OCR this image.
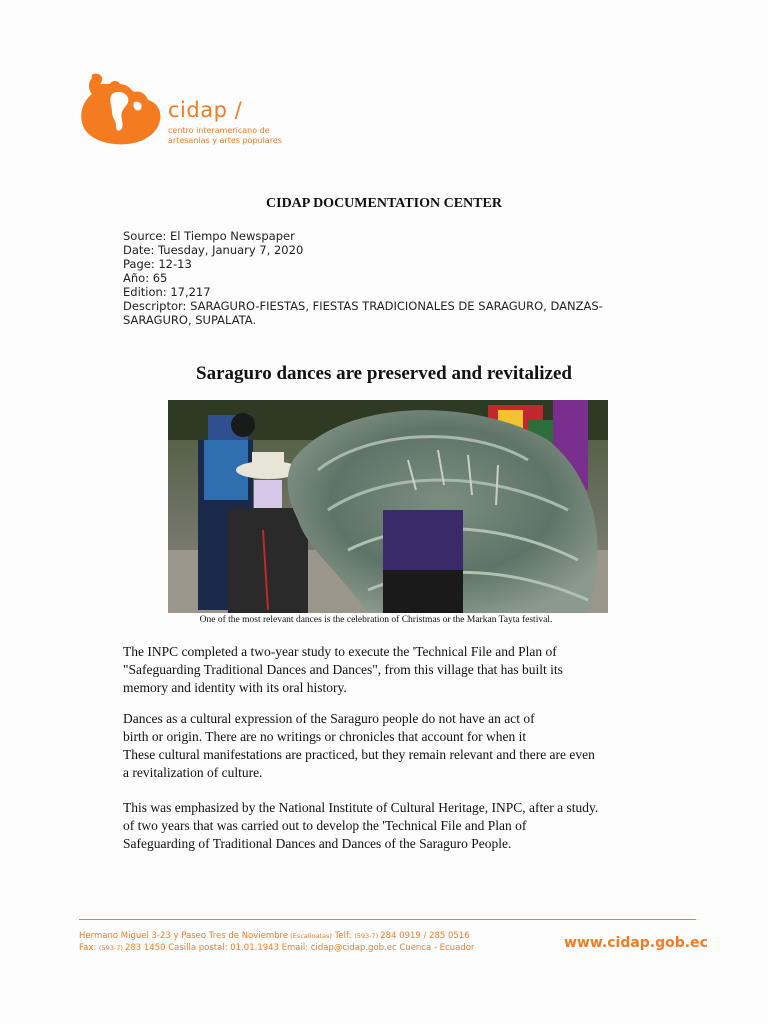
cidap /
centro interamericano de
artesanías y artes populares
CIDAP DOCUMENTATION CENTER
Source: El Tiempo Newspaper
Date: Tuesday, January 7, 2020
Page: 12-13
Año: 65
Edition: 17,217
Descriptor: SARAGURO-FIESTAS, FIESTAS TRADICIONALES DE SARAGURO, DANZAS-
SARAGURO, SUPALATA.
Saraguro dances are preserved and revitalized
One of the most relevant dances is the celebration of Christmas or the Markan Tayta festival.
The INPC completed a two-year study to execute the 'Technical File and Plan of
"Safeguarding Traditional Dances and Dances", from this village that has built its
memory and identity with its oral history.
Dances as a cultural expression of the Saraguro people do not have an act of
birth or origin. There are no writings or chronicles that account for when it
These cultural manifestations are practiced, but they remain relevant and there are even
a revitalization of culture.
This was emphasized by the National Institute of Cultural Heritage, INPC, after a study.
of two years that was carried out to develop the 'Technical File and Plan of
Safeguarding of Traditional Dances and Dances of the Saraguro People.
Hermano Miguel 3-23 y Paseo Tres de Noviembre (Escalinatas) Telf: (593-7) 284 0919 / 285 0516
Fax: (593-7) 283 1450 Casilla postal: 01.01.1943 Email: cidap@cidap.gob.ec Cuenca - Ecuador	www.cidap.gob.ec
